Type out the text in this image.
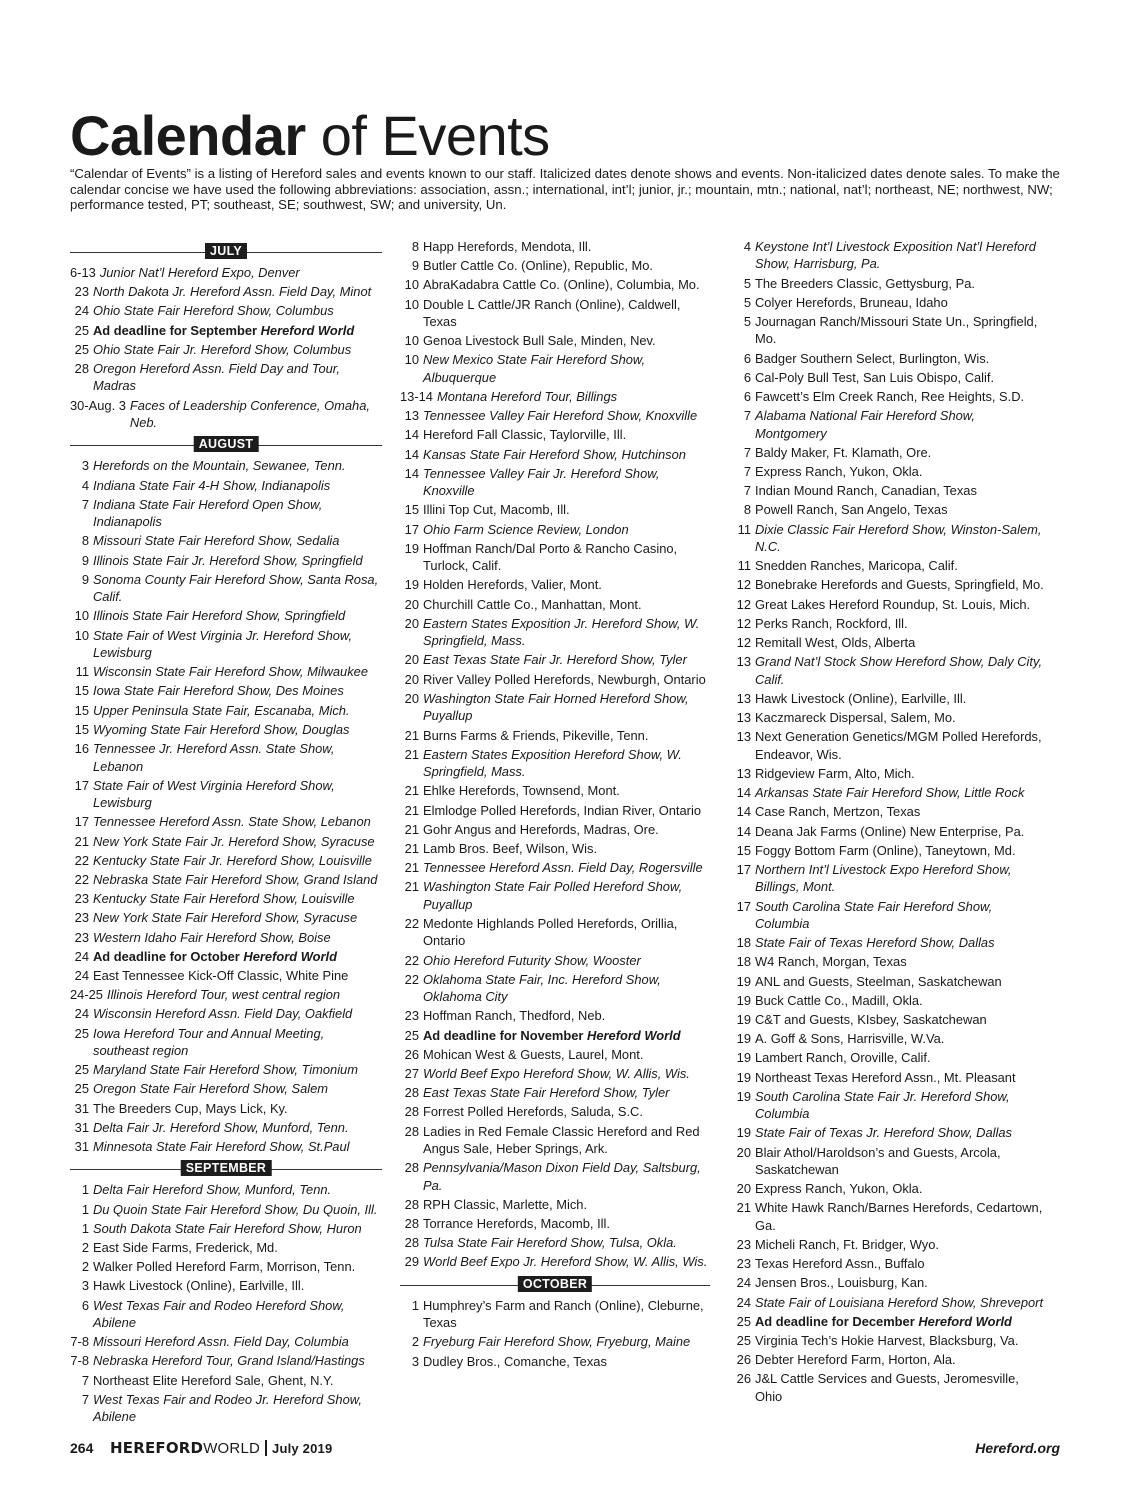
Calendar of Events

“Calendar of Events” is a listing of Hereford sales and events known to our staff. Italicized dates denote shows and events. Non-italicized dates denote sales. To make the calendar concise we have used the following abbreviations: association, assn.; international, int’l; junior, jr.; mountain, mtn.; national, nat’l; northeast, NE; northwest, NW; performance tested, PT; southeast, SE; southwest, SW; and university, Un.

JULY
6-13 Junior Nat’l Hereford Expo, Denver
23 North Dakota Jr. Hereford Assn. Field Day, Minot
24 Ohio State Fair Hereford Show, Columbus
25 Ad deadline for September Hereford World
25 Ohio State Fair Jr. Hereford Show, Columbus
28 Oregon Hereford Assn. Field Day and Tour, Madras
30-Aug. 3 Faces of Leadership Conference, Omaha, Neb.
AUGUST
3 Herefords on the Mountain, Sewanee, Tenn.
4 Indiana State Fair 4-H Show, Indianapolis
7 Indiana State Fair Hereford Open Show, Indianapolis
8 Missouri State Fair Hereford Show, Sedalia
9 Illinois State Fair Jr. Hereford Show, Springfield
9 Sonoma County Fair Hereford Show, Santa Rosa, Calif.
10 Illinois State Fair Hereford Show, Springfield
10 State Fair of West Virginia Jr. Hereford Show, Lewisburg
11 Wisconsin State Fair Hereford Show, Milwaukee
15 Iowa State Fair Hereford Show, Des Moines
15 Upper Peninsula State Fair, Escanaba, Mich.
15 Wyoming State Fair Hereford Show, Douglas
16 Tennessee Jr. Hereford Assn. State Show, Lebanon
17 State Fair of West Virginia Hereford Show, Lewisburg
17 Tennessee Hereford Assn. State Show, Lebanon
21 New York State Fair Jr. Hereford Show, Syracuse
22 Kentucky State Fair Jr. Hereford Show, Louisville
22 Nebraska State Fair Hereford Show, Grand Island
23 Kentucky State Fair Hereford Show, Louisville
23 New York State Fair Hereford Show, Syracuse
23 Western Idaho Fair Hereford Show, Boise
24 Ad deadline for October Hereford World
24 East Tennessee Kick-Off Classic, White Pine
24-25 Illinois Hereford Tour, west central region
24 Wisconsin Hereford Assn. Field Day, Oakfield
25 Iowa Hereford Tour and Annual Meeting, southeast region
25 Maryland State Fair Hereford Show, Timonium
25 Oregon State Fair Hereford Show, Salem
31 The Breeders Cup, Mays Lick, Ky.
31 Delta Fair Jr. Hereford Show, Munford, Tenn.
31 Minnesota State Fair Hereford Show, St.Paul
SEPTEMBER
1 Delta Fair Hereford Show, Munford, Tenn.
1 Du Quoin State Fair Hereford Show, Du Quoin, Ill.
1 South Dakota State Fair Hereford Show, Huron
2 East Side Farms, Frederick, Md.
2 Walker Polled Hereford Farm, Morrison, Tenn.
3 Hawk Livestock (Online), Earlville, Ill.
6 West Texas Fair and Rodeo Hereford Show, Abilene
7-8 Missouri Hereford Assn. Field Day, Columbia
7-8 Nebraska Hereford Tour, Grand Island/Hastings
7 Northeast Elite Hereford Sale, Ghent, N.Y.
7 West Texas Fair and Rodeo Jr. Hereford Show, Abilene
8 Happ Herefords, Mendota, Ill.
9 Butler Cattle Co. (Online), Republic, Mo.
10 AbraKadabra Cattle Co. (Online), Columbia, Mo.
10 Double L Cattle/JR Ranch (Online), Caldwell, Texas
10 Genoa Livestock Bull Sale, Minden, Nev.
10 New Mexico State Fair Hereford Show, Albuquerque
13-14 Montana Hereford Tour, Billings
13 Tennessee Valley Fair Hereford Show, Knoxville
14 Hereford Fall Classic, Taylorville, Ill.
14 Kansas State Fair Hereford Show, Hutchinson
14 Tennessee Valley Fair Jr. Hereford Show, Knoxville
15 Illini Top Cut, Macomb, Ill.
17 Ohio Farm Science Review, London
19 Hoffman Ranch/Dal Porto & Rancho Casino, Turlock, Calif.
19 Holden Herefords, Valier, Mont.
20 Churchill Cattle Co., Manhattan, Mont.
20 Eastern States Exposition Jr. Hereford Show, W. Springfield, Mass.
20 East Texas State Fair Jr. Hereford Show, Tyler
20 River Valley Polled Herefords, Newburgh, Ontario
20 Washington State Fair Horned Hereford Show, Puyallup
21 Burns Farms & Friends, Pikeville, Tenn.
21 Eastern States Exposition Hereford Show, W. Springfield, Mass.
21 Ehlke Herefords, Townsend, Mont.
21 Elmlodge Polled Herefords, Indian River, Ontario
21 Gohr Angus and Herefords, Madras, Ore.
21 Lamb Bros. Beef, Wilson, Wis.
21 Tennessee Hereford Assn. Field Day, Rogersville
21 Washington State Fair Polled Hereford Show, Puyallup
22 Medonte Highlands Polled Herefords, Orillia, Ontario
22 Ohio Hereford Futurity Show, Wooster
22 Oklahoma State Fair, Inc. Hereford Show, Oklahoma City
23 Hoffman Ranch, Thedford, Neb.
25 Ad deadline for November Hereford World
26 Mohican West & Guests, Laurel, Mont.
27 World Beef Expo Hereford Show, W. Allis, Wis.
28 East Texas State Fair Hereford Show, Tyler
28 Forrest Polled Herefords, Saluda, S.C.
28 Ladies in Red Female Classic Hereford and Red Angus Sale, Heber Springs, Ark.
28 Pennsylvania/Mason Dixon Field Day, Saltsburg, Pa.
28 RPH Classic, Marlette, Mich.
28 Torrance Herefords, Macomb, Ill.
28 Tulsa State Fair Hereford Show, Tulsa, Okla.
29 World Beef Expo Jr. Hereford Show, W. Allis, Wis.
OCTOBER
1 Humphrey’s Farm and Ranch (Online), Cleburne, Texas
2 Fryeburg Fair Hereford Show, Fryeburg, Maine
3 Dudley Bros., Comanche, Texas
4 Keystone Int’l Livestock Exposition Nat’l Hereford Show, Harrisburg, Pa.
5 The Breeders Classic, Gettysburg, Pa.
5 Colyer Herefords, Bruneau, Idaho
5 Journagan Ranch/Missouri State Un., Springfield, Mo.
6 Badger Southern Select, Burlington, Wis.
6 Cal-Poly Bull Test, San Luis Obispo, Calif.
6 Fawcett’s Elm Creek Ranch, Ree Heights, S.D.
7 Alabama National Fair Hereford Show, Montgomery
7 Baldy Maker, Ft. Klamath, Ore.
7 Express Ranch, Yukon, Okla.
7 Indian Mound Ranch, Canadian, Texas
8 Powell Ranch, San Angelo, Texas
11 Dixie Classic Fair Hereford Show, Winston-Salem, N.C.
11 Snedden Ranches, Maricopa, Calif.
12 Bonebrake Herefords and Guests, Springfield, Mo.
12 Great Lakes Hereford Roundup, St. Louis, Mich.
12 Perks Ranch, Rockford, Ill.
12 Remitall West, Olds, Alberta
13 Grand Nat’l Stock Show Hereford Show, Daly City, Calif.
13 Hawk Livestock (Online), Earlville, Ill.
13 Kaczmareck Dispersal, Salem, Mo.
13 Next Generation Genetics/MGM Polled Herefords, Endeavor, Wis.
13 Ridgeview Farm, Alto, Mich.
14 Arkansas State Fair Hereford Show, Little Rock
14 Case Ranch, Mertzon, Texas
14 Deana Jak Farms (Online) New Enterprise, Pa.
15 Foggy Bottom Farm (Online), Taneytown, Md.
17 Northern Int’l Livestock Expo Hereford Show, Billings, Mont.
17 South Carolina State Fair Hereford Show, Columbia
18 State Fair of Texas Hereford Show, Dallas
18 W4 Ranch, Morgan, Texas
19 ANL and Guests, Steelman, Saskatchewan
19 Buck Cattle Co., Madill, Okla.
19 C&T and Guests, KIsbey, Saskatchewan
19 A. Goff & Sons, Harrisville, W.Va.
19 Lambert Ranch, Oroville, Calif.
19 Northeast Texas Hereford Assn., Mt. Pleasant
19 South Carolina State Fair Jr. Hereford Show, Columbia
19 State Fair of Texas Jr. Hereford Show, Dallas
20 Blair Athol/Haroldson’s and Guests, Arcola, Saskatchewan
20 Express Ranch, Yukon, Okla.
21 White Hawk Ranch/Barnes Herefords, Cedartown, Ga.
23 Micheli Ranch, Ft. Bridger, Wyo.
23 Texas Hereford Assn., Buffalo
24 Jensen Bros., Louisburg, Kan.
24 State Fair of Louisiana Hereford Show, Shreveport
25 Ad deadline for December Hereford World
25 Virginia Tech’s Hokie Harvest, Blacksburg, Va.
26 Debter Hereford Farm, Horton, Ala.
26 J&L Cattle Services and Guests, Jeromesville, Ohio
264 HEREFORDWORLD July 2019	Hereford.org
